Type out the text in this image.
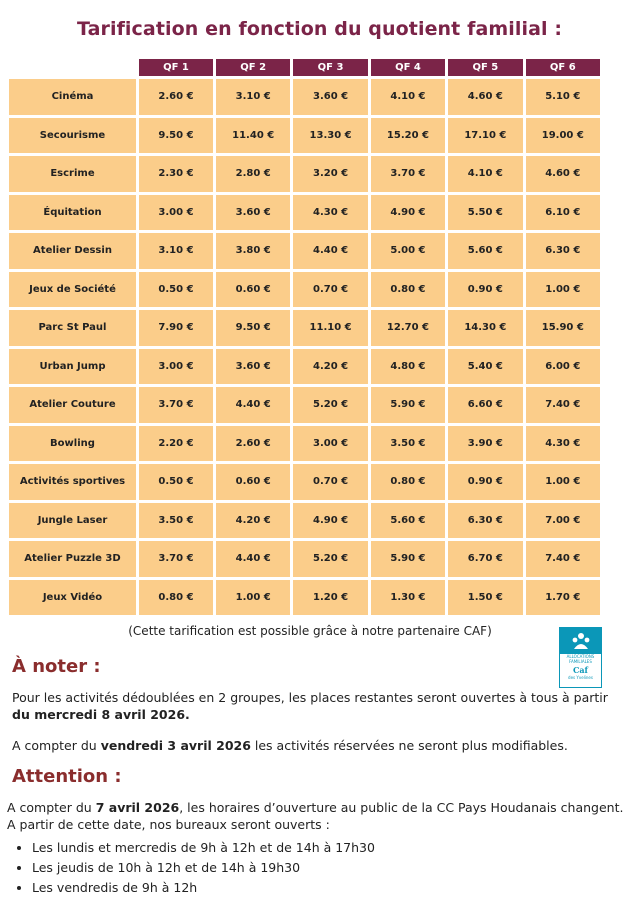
Tarification en fonction du quotient familial :
	QF 1	QF 2	QF 3	QF 4	QF 5	QF 6
Cinéma	2.60 €	3.10 €	3.60 €	4.10 €	4.60 €	5.10 €
Secourisme	9.50 €	11.40 €	13.30 €	15.20 €	17.10 €	19.00 €
Escrime	2.30 €	2.80 €	3.20 €	3.70 €	4.10 €	4.60 €
Équitation	3.00 €	3.60 €	4.30 €	4.90 €	5.50 €	6.10 €
Atelier Dessin	3.10 €	3.80 €	4.40 €	5.00 €	5.60 €	6.30 €
Jeux de Société	0.50 €	0.60 €	0.70 €	0.80 €	0.90 €	1.00 €
Parc St Paul	7.90 €	9.50 €	11.10 €	12.70 €	14.30 €	15.90 €
Urban Jump	3.00 €	3.60 €	4.20 €	4.80 €	5.40 €	6.00 €
Atelier Couture	3.70 €	4.40 €	5.20 €	5.90 €	6.60 €	7.40 €
Bowling	2.20 €	2.60 €	3.00 €	3.50 €	3.90 €	4.30 €
Activités sportives	0.50 €	0.60 €	0.70 €	0.80 €	0.90 €	1.00 €
Jungle Laser	3.50 €	4.20 €	4.90 €	5.60 €	6.30 €	7.00 €
Atelier Puzzle 3D	3.70 €	4.40 €	5.20 €	5.90 €	6.70 €	7.40 €
Jeux Vidéo	0.80 €	1.00 €	1.20 €	1.30 €	1.50 €	1.70 €
(Cette tarification est possible grâce à notre partenaire CAF)
ALLOCATIONS FAMILIALES
Caf
des Yvelines
À noter :
Pour les activités dédoublées en 2 groupes, les places restantes seront ouvertes à tous à partir du mercredi 8 avril 2026.
A compter du vendredi 3 avril 2026 les activités réservées ne seront plus modifiables.
Attention :
A compter du 7 avril 2026, les horaires d’ouverture au public de la CC Pays Houdanais changent. A partir de cette date, nos bureaux seront ouverts :
• Les lundis et mercredis de 9h à 12h et de 14h à 17h30
• Les jeudis de 10h à 12h et de 14h à 19h30
• Les vendredis de 9h à 12h
